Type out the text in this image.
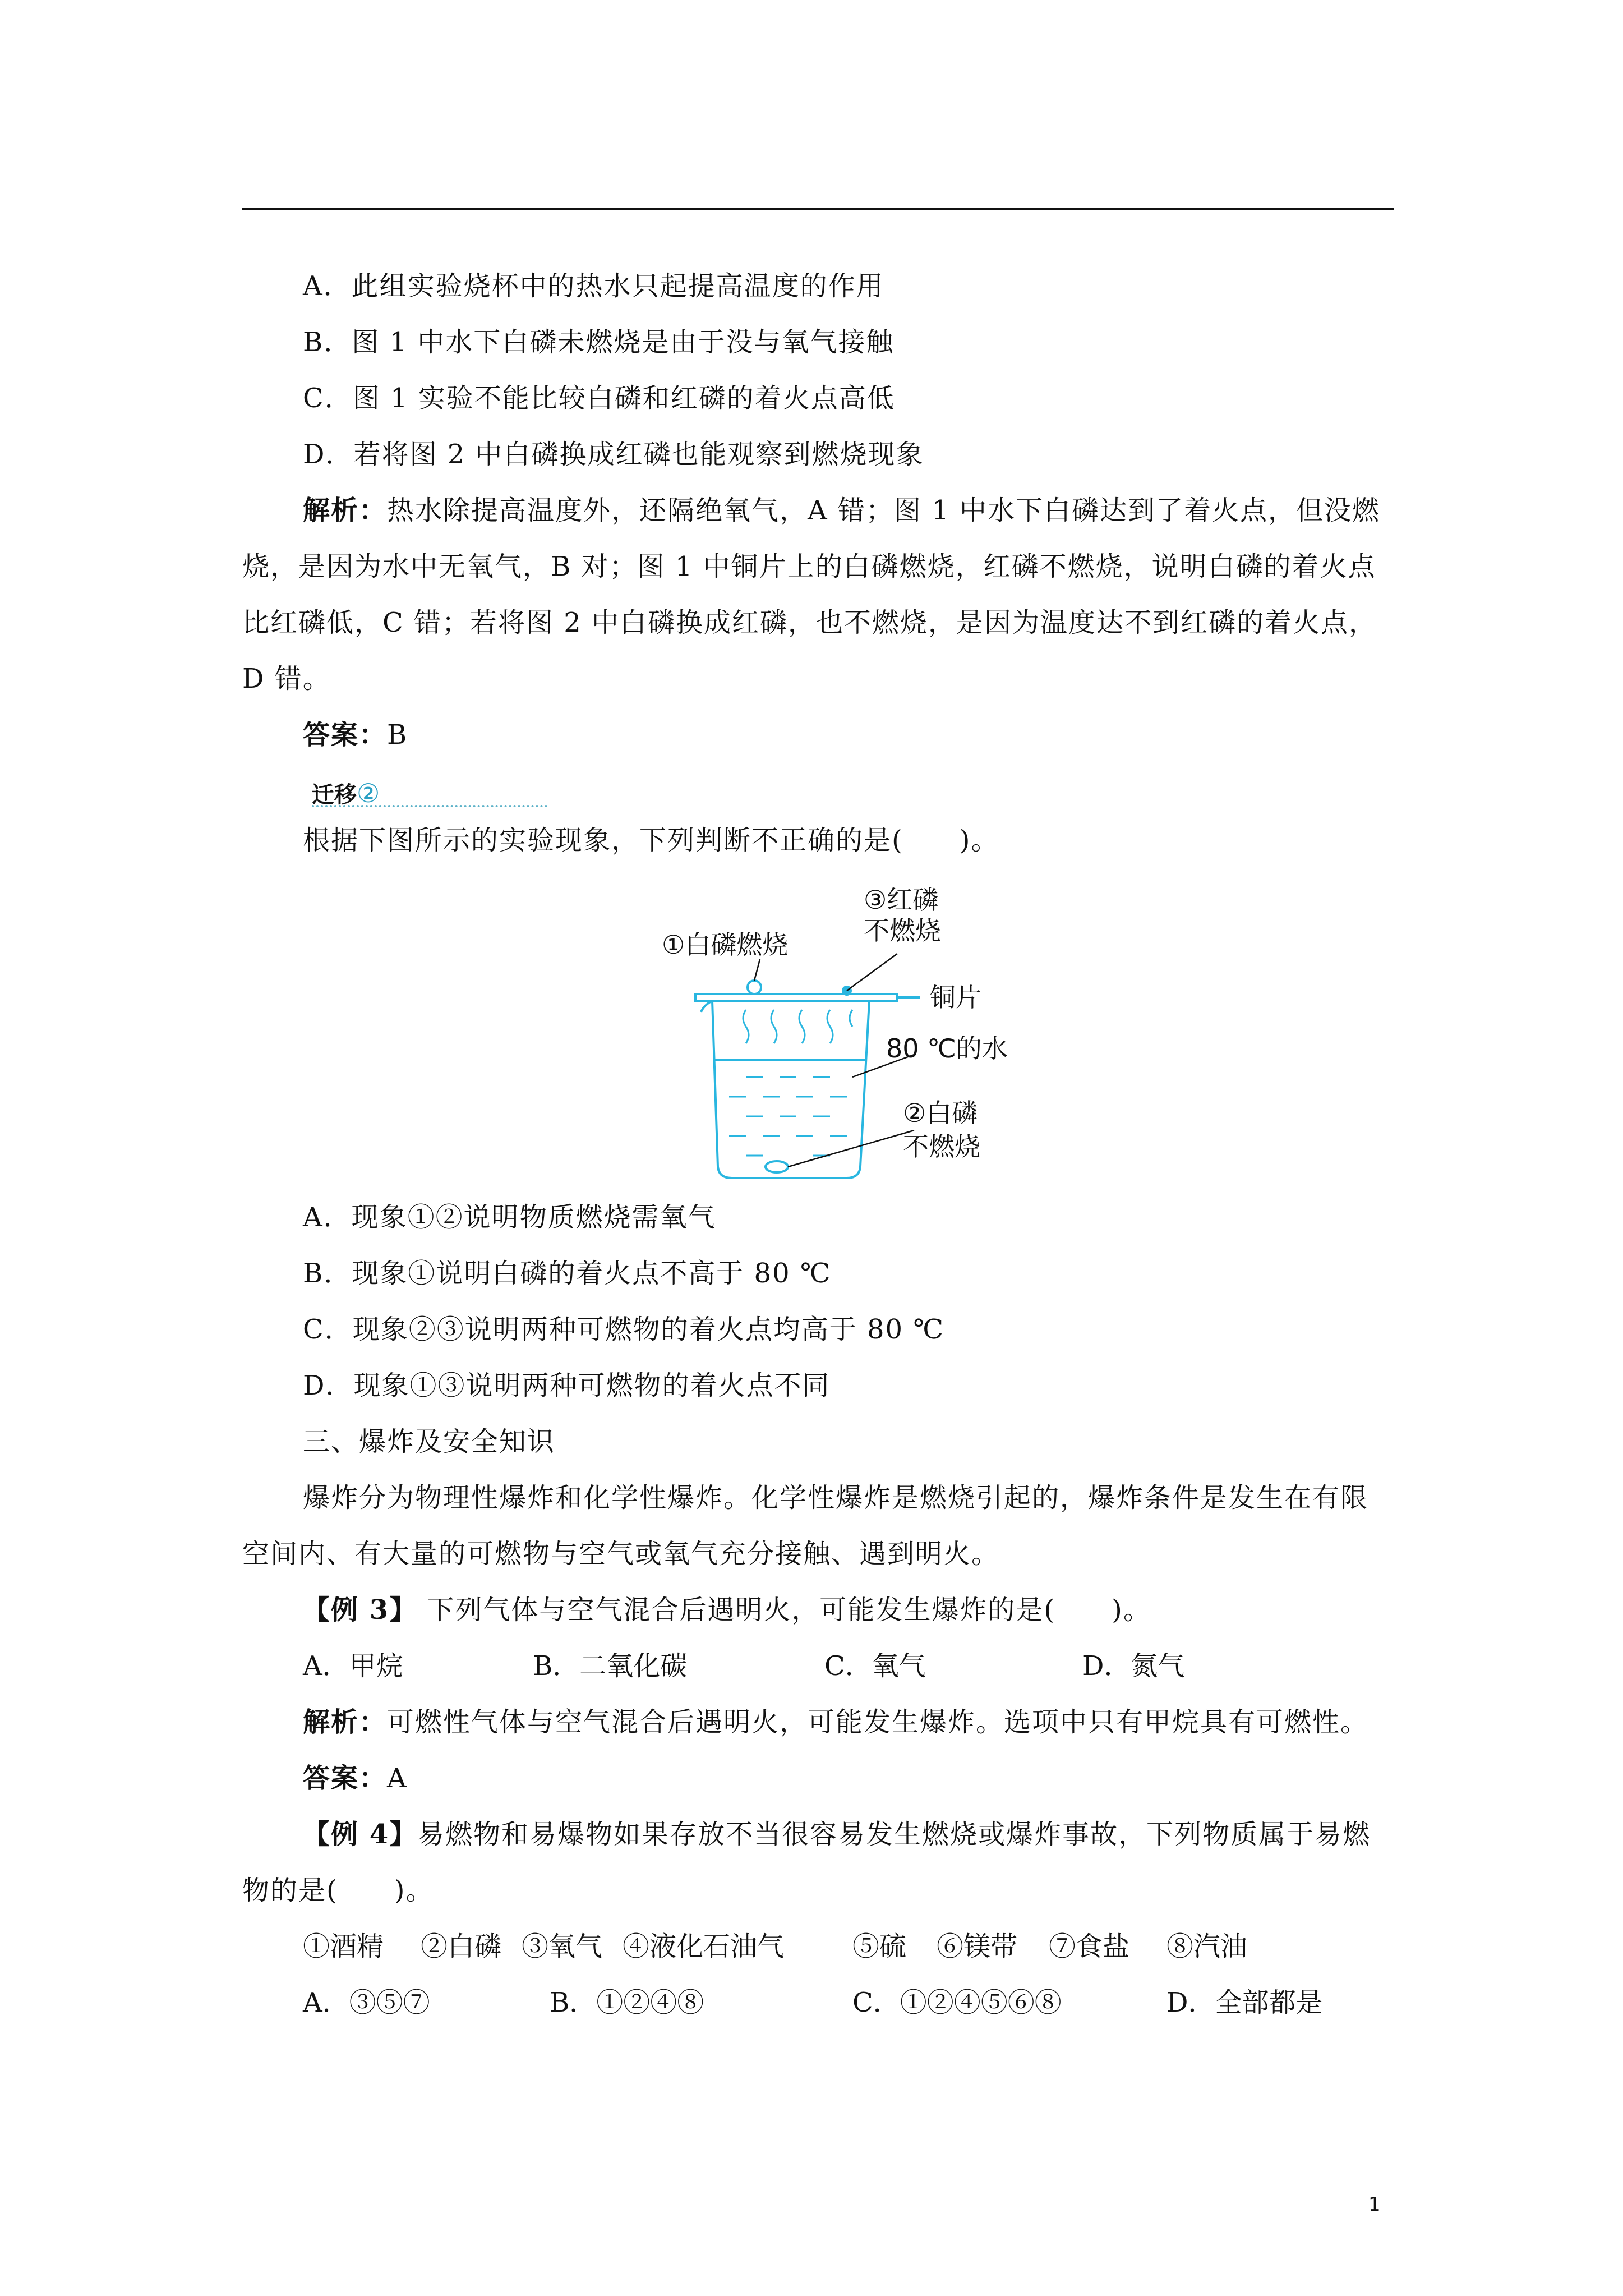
A．此组实验烧杯中的热水只起提高温度的作用
B．图 1 中水下白磷未燃烧是由于没与氧气接触
C．图 1 实验不能比较白磷和红磷的着火点高低
D．若将图 2 中白磷换成红磷也能观察到燃烧现象
解析：热水除提高温度外，还隔绝氧气，A 错；图 1 中水下白磷达到了着火点，但没燃
烧，是因为水中无氧气，B 对；图 1 中铜片上的白磷燃烧，红磷不燃烧，说明白磷的着火点
比红磷低，C 错；若将图 2 中白磷换成红磷，也不燃烧，是因为温度达不到红磷的着火点，
D 错。
答案：B
迁移②
根据下图所示的实验现象，下列判断不正确的是(　　)。
①白磷燃烧
③红磷
不燃烧
铜片
80 ℃的水
②白磷
不燃烧
A．现象①②说明物质燃烧需氧气
B．现象①说明白磷的着火点不高于 80 ℃
C．现象②③说明两种可燃物的着火点均高于 80 ℃
D．现象①③说明两种可燃物的着火点不同
三、爆炸及安全知识
爆炸分为物理性爆炸和化学性爆炸。化学性爆炸是燃烧引起的，爆炸条件是发生在有限
空间内、有大量的可燃物与空气或氧气充分接触、遇到明火。
【例 3】 下列气体与空气混合后遇明火，可能发生爆炸的是(　　)。
A．甲烷	B．二氧化碳	C．氧气	D．氮气
解析：可燃性气体与空气混合后遇明火，可能发生爆炸。选项中只有甲烷具有可燃性。
答案：A
【例 4】易燃物和易爆物如果存放不当很容易发生燃烧或爆炸事故，下列物质属于易燃
物的是(　　)。
①酒精 ②白磷 ③氧气 ④液化石油气	⑤硫 ⑥镁带 ⑦食盐 ⑧汽油
A．③⑤⑦	B．①②④⑧	C．①②④⑤⑥⑧	D．全部都是
1
